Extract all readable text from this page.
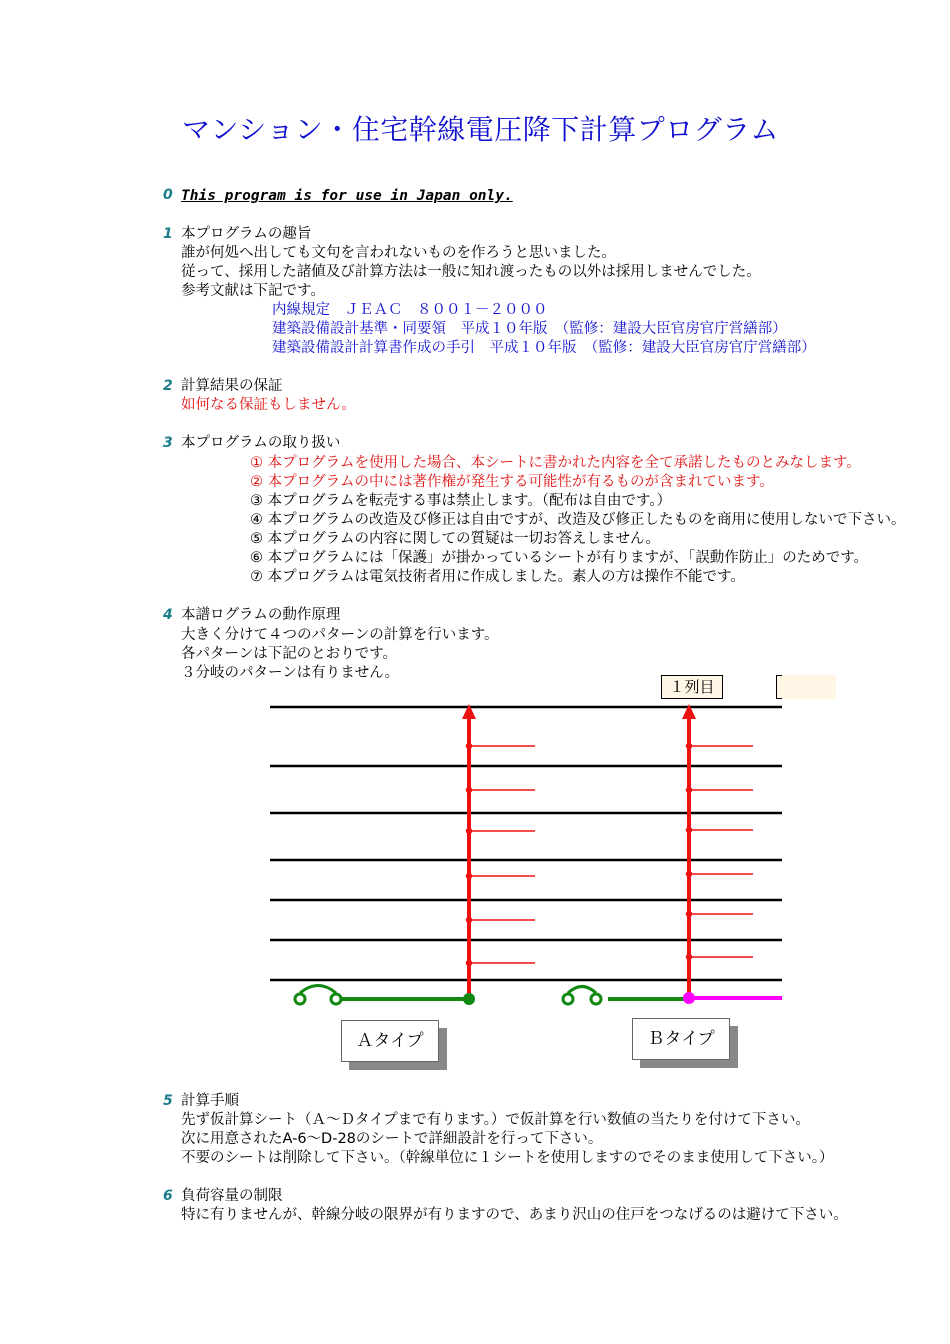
マンション・住宅幹線電圧降下計算プログラム
0 This program is for use in Japan only.
1 本プログラムの趣旨
誰が何処へ出しても文句を言われないものを作ろうと思いました。
従って、採用した諸値及び計算方法は一般に知れ渡ったもの以外は採用しませんでした。
参考文献は下記です。
内線規定　ＪＥＡＣ　８００１－２０００
建築設備設計基準・同要領　平成１０年版　（監修：建設大臣官房官庁営繕部）
建築設備設計計算書作成の手引　平成１０年版　（監修：建設大臣官房官庁営繕部）
2 計算結果の保証
如何なる保証もしません。
3 本プログラムの取り扱い
① 本プログラムを使用した場合、本シートに書かれた内容を全て承諾したものとみなします。
② 本プログラムの中には著作権が発生する可能性が有るものが含まれています。
③ 本プログラムを転売する事は禁止します。（配布は自由です。）
④ 本プログラムの改造及び修正は自由ですが、改造及び修正したものを商用に使用しないで下さい。
⑤ 本プログラムの内容に関しての質疑は一切お答えしません。
⑥ 本プログラムには「保護」が掛かっているシートが有りますが、「誤動作防止」のためです。
⑦ 本プログラムは電気技術者用に作成しました。素人の方は操作不能です。
4 本譜ログラムの動作原理
大きく分けて４つのパターンの計算を行います。
各パターンは下記のとおりです。
３分岐のパターンは有りません。
１列目
Ａタイプ	Ｂタイプ
5 計算手順
先ず仮計算シート（Ａ～Ｄタイプまで有ります。）で仮計算を行い数値の当たりを付けて下さい。
次に用意されたA-6～D-28のシートで詳細設計を行って下さい。
不要のシートは削除して下さい。（幹線単位に１シートを使用しますのでそのまま使用して下さい。）
6 負荷容量の制限
特に有りませんが、幹線分岐の限界が有りますので、あまり沢山の住戸をつなげるのは避けて下さい。
